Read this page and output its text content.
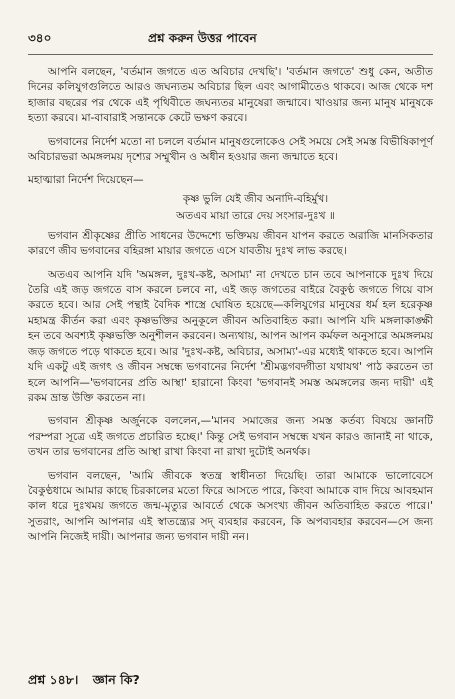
৩৪০	প্রশ্ন করুন উত্তর পাবেন

আপনি বলছেন, 'বর্তমান জগতে এত অবিচার দেখছি'। 'বর্তমান জগতে' শুধু কেন, অতীত দিনের কলিযুগগুলিতে আরও জঘন্যতম অবিচার ছিল এবং আগামীতেও থাকবে। আজ থেকে দশ হাজার বছরের পর থেকে এই পৃথিবীতে জঘন্যতর মানুষেরা জন্মাবে। খাওয়ার জন্য মানুষ মানুষকে হত্যা করবে। মা-বাবারাই সন্তানকে কেটে ভক্ষণ করবে।

ভগবানের নির্দেশ মতো না চললে বর্তমান মানুষগুলোকেও সেই সময়ে সেই সমস্ত বিভীষিকাপূর্ণ অবিচারভরা অমঙ্গলময় দৃশ্যের সম্মুখীন ও অধীন হওয়ার জন্য জন্মাতে হবে।

মহাত্মারা নির্দেশ দিয়েছেন—

কৃষ্ণ ভুলি যেই জীব অনাদি-বহির্মুখ।

অতএব মায়া তারে দেয় সংসার-দুঃখ ॥

ভগবান শ্রীকৃষ্ণের প্রীতি সাধনের উদ্দেশ্যে ভক্তিময় জীবন যাপন করতে অরাজি মানসিকতার কারণে জীব ভগবানের বহিরঙ্গা মায়ার জগতে এসে যাবতীয় দুঃখ লাভ করছে।

অতএব আপনি যদি 'অমঙ্গল, দুঃখ-কষ্ট, অসাম্য' না দেখতে চান তবে আপনাকে দুঃখ দিয়ে তৈরি এই জড় জগতে বাস করলে চলবে না, এই জড় জগতের বাইরে বৈকুণ্ঠ জগতে গিয়ে বাস করতে হবে। আর সেই পন্থাই বৈদিক শাস্ত্রে ঘোষিত হয়েছে—কলিযুগের মানুষের ধর্ম হল হরেকৃষ্ণ মহামন্ত্র কীর্তন করা এবং কৃষ্ণভক্তির অনুকূলে জীবন অতিবাহিত করা। আপনি যদি মঙ্গলাকাঙ্ক্ষী হন তবে অবশ্যই কৃষ্ণভক্তি অনুশীলন করবেন। অন্যথায়, আপন আপন কর্মফল অনুসারে অমঙ্গলময় জড় জগতে পড়ে থাকতে হবে। আর 'দুঃখ-কষ্ট, অবিচার, অসাম্য'-এর মধ্যেই থাকতে হবে। আপনি যদি একটু এই জগৎ ও জীবন সম্বন্ধে ভগবানের নির্দেশ 'শ্রীমদ্ভগবদ্গীতা যথাযথ' পাঠ করতেন তা হলে আপনি—'ভগবানের প্রতি আস্থা' হারানো কিংবা 'ভগবানই সমস্ত অমঙ্গলের জন্য দায়ী' এই রকম ভ্রান্ত উক্তি করতেন না।

ভগবান শ্রীকৃষ্ণ অর্জুনকে বললেন,—'মানব সমাজের জন্য সমস্ত কর্তব্য বিষয়ে জ্ঞানটি পরম্পরা সূত্রে এই জগতে প্রচারিত হচ্ছে।' কিন্তু সেই ভগবান সম্বন্ধে যখন কারও জানাই না থাকে, তখন তার ভগবানের প্রতি আস্থা রাখা কিংবা না রাখা দুটোই অনর্থক।

ভগবান বলছেন, 'আমি জীবকে স্বতন্ত্র স্বাধীনতা দিয়েছি। তারা আমাকে ভালোবেসে বৈকুণ্ঠধামে আমার কাছে চিরকালের মতো ফিরে আসতে পারে, কিংবা আমাকে বাদ দিয়ে আবহমান কাল ধরে দুঃখময় জগতে জন্ম-মৃত্যুর আবর্তে থেকে অসংখ্য জীবন অতিবাহিত করতে পারে।' সুতরাং, আপনি আপনার এই স্বাতন্ত্র্যের সদ্ ব্যবহার করবেন, কি অপব্যবহার করবেন—সে জন্য আপনি নিজেই দায়ী। আপনার জন্য ভগবান দায়ী নন।

প্রশ্ন ১৪৮। জ্ঞান কি?
